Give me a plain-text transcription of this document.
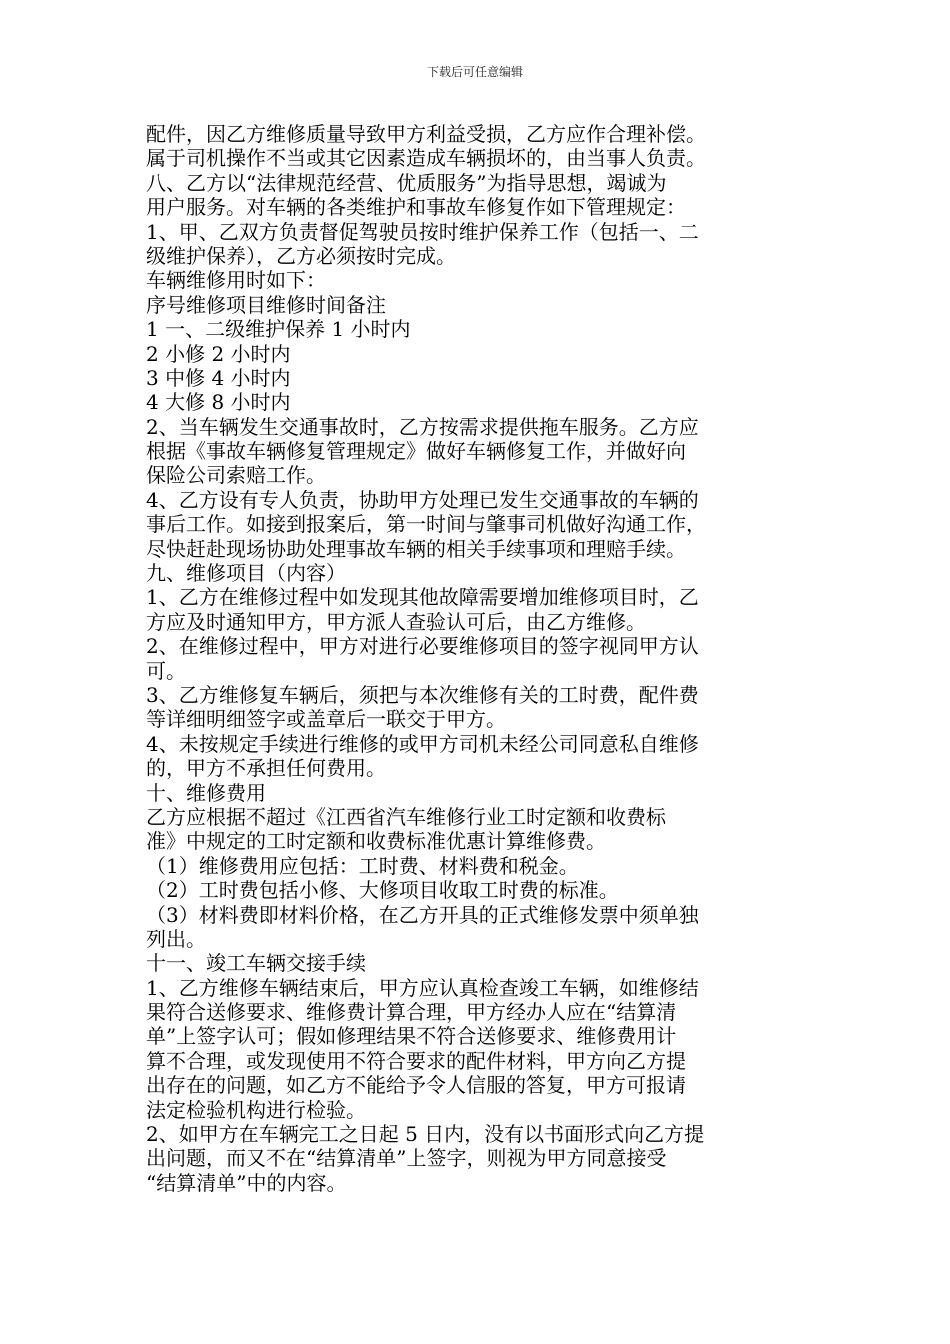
下载后可任意编辑
配件，因乙方维修质量导致甲方利益受损，乙方应作合理补偿。
属于司机操作不当或其它因素造成车辆损坏的，由当事人负责。
八、乙方以“法律规范经营、优质服务”为指导思想，竭诚为
用户服务。对车辆的各类维护和事故车修复作如下管理规定：
1、甲、乙双方负责督促驾驶员按时维护保养工作（包括一、二
级维护保养），乙方必须按时完成。
车辆维修用时如下：
序号维修项目维修时间备注
1 一、二级维护保养 1 小时内
2 小修 2 小时内
3 中修 4 小时内
4 大修 8 小时内
2、当车辆发生交通事故时，乙方按需求提供拖车服务。乙方应
根据《事故车辆修复管理规定》做好车辆修复工作，并做好向
保险公司索赔工作。
4、乙方设有专人负责，协助甲方处理已发生交通事故的车辆的
事后工作。如接到报案后，第一时间与肇事司机做好沟通工作，
尽快赶赴现场协助处理事故车辆的相关手续事项和理赔手续。
九、维修项目（内容）
1、乙方在维修过程中如发现其他故障需要增加维修项目时，乙
方应及时通知甲方，甲方派人查验认可后，由乙方维修。
2、在维修过程中，甲方对进行必要维修项目的签字视同甲方认
可。
3、乙方维修复车辆后，须把与本次维修有关的工时费，配件费
等详细明细签字或盖章后一联交于甲方。
4、未按规定手续进行维修的或甲方司机未经公司同意私自维修
的，甲方不承担任何费用。
十、维修费用
乙方应根据不超过《江西省汽车维修行业工时定额和收费标
准》中规定的工时定额和收费标准优惠计算维修费。
（1）维修费用应包括：工时费、材料费和税金。
（2）工时费包括小修、大修项目收取工时费的标准。
（3）材料费即材料价格，在乙方开具的正式维修发票中须单独
列出。
十一、竣工车辆交接手续
1、乙方维修车辆结束后，甲方应认真检查竣工车辆，如维修结
果符合送修要求、维修费计算合理，甲方经办人应在“结算清
单”上签字认可；假如修理结果不符合送修要求、维修费用计
算不合理，或发现使用不符合要求的配件材料，甲方向乙方提
出存在的问题，如乙方不能给予令人信服的答复，甲方可报请
法定检验机构进行检验。
2、如甲方在车辆完工之日起 5 日内，没有以书面形式向乙方提
出问题，而又不在“结算清单”上签字，则视为甲方同意接受
“结算清单”中的内容。
